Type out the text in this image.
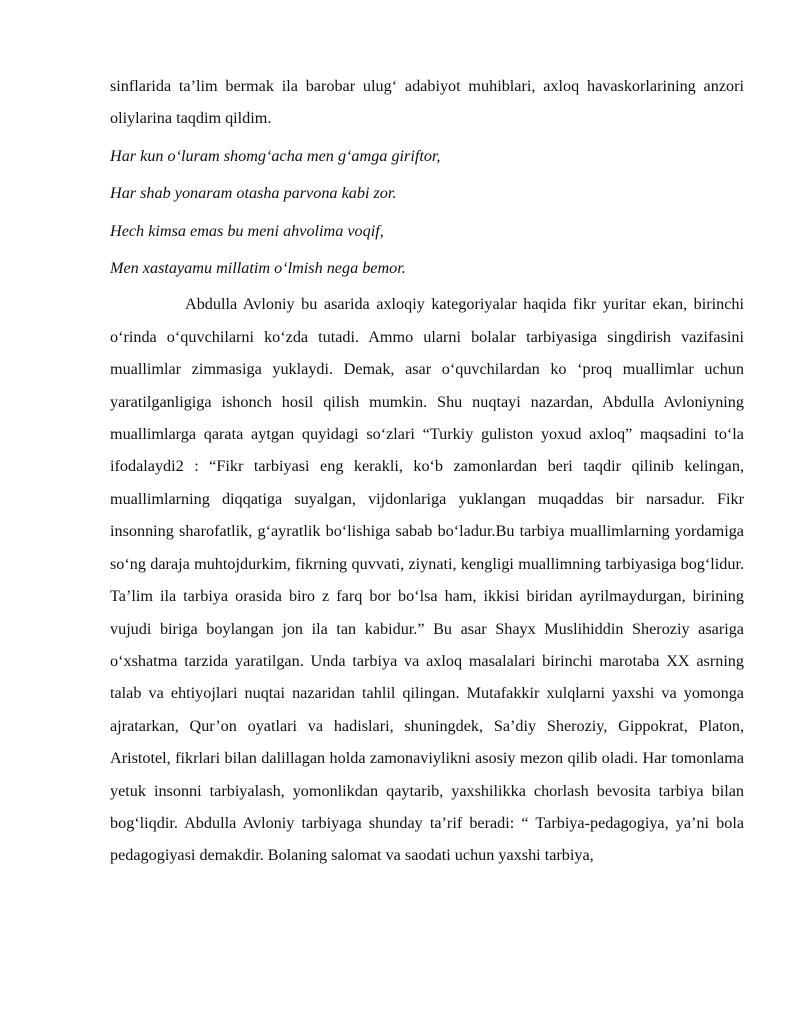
sinflarida ta’lim bermak ila barobar ulug‘ adabiyot muhiblari, axloq havaskorlarining anzori oliylarina taqdim qildim.

Har kun o‘luram shomg‘acha men g‘amga giriftor,

Har shab yonaram otasha parvona kabi zor.

Hech kimsa emas bu meni ahvolima voqif,

Men xastayamu millatim o‘lmish nega bemor.

Abdulla Avloniy bu asarida axloqiy kategoriyalar haqida fikr yuritar ekan, birinchi o‘rinda o‘quvchilarni ko‘zda tutadi. Ammo ularni bolalar tarbiyasiga singdirish vazifasini muallimlar zimmasiga yuklaydi. Demak, asar o‘quvchilardan ko ‘proq muallimlar uchun yaratilganligiga ishonch hosil qilish mumkin. Shu nuqtayi nazardan, Abdulla Avloniyning muallimlarga qarata aytgan quyidagi so‘zlari “Turkiy guliston yoxud axloq” maqsadini to‘la ifodalaydi2 : “Fikr tarbiyasi eng kerakli, ko‘b zamonlardan beri taqdir qilinib kelingan, muallimlarning diqqatiga suyalgan, vijdonlariga yuklangan muqaddas bir narsadur. Fikr insonning sharofatlik, g‘ayratlik bo‘lishiga sabab bo‘ladur.Bu tarbiya muallimlarning yordamiga so‘ng daraja muhtojdurkim, fikrning quvvati, ziynati, kengligi muallimning tarbiyasiga bog‘lidur. Ta’lim ila tarbiya orasida biro z farq bor bo‘lsa ham, ikkisi biridan ayrilmaydurgan, birining vujudi biriga boylangan jon ila tan kabidur.” Bu asar Shayx Muslihiddin Sheroziy asariga o‘xshatma tarzida yaratilgan. Unda tarbiya va axloq masalalari birinchi marotaba XX asrning talab va ehtiyojlari nuqtai nazaridan tahlil qilingan. Mutafakkir xulqlarni yaxshi va yomonga ajratarkan, Qur’on oyatlari va hadislari, shuningdek, Sa’diy Sheroziy, Gippokrat, Platon, Aristotel, fikrlari bilan dalillagan holda zamonaviylikni asosiy mezon qilib oladi. Har tomonlama yetuk insonni tarbiyalash, yomonlikdan qaytarib, yaxshilikka chorlash bevosita tarbiya bilan bog‘liqdir. Abdulla Avloniy tarbiyaga shunday ta’rif beradi: “ Tarbiya-pedagogiya, ya’ni bola pedagogiyasi demakdir. Bolaning salomat va saodati uchun yaxshi tarbiya,
